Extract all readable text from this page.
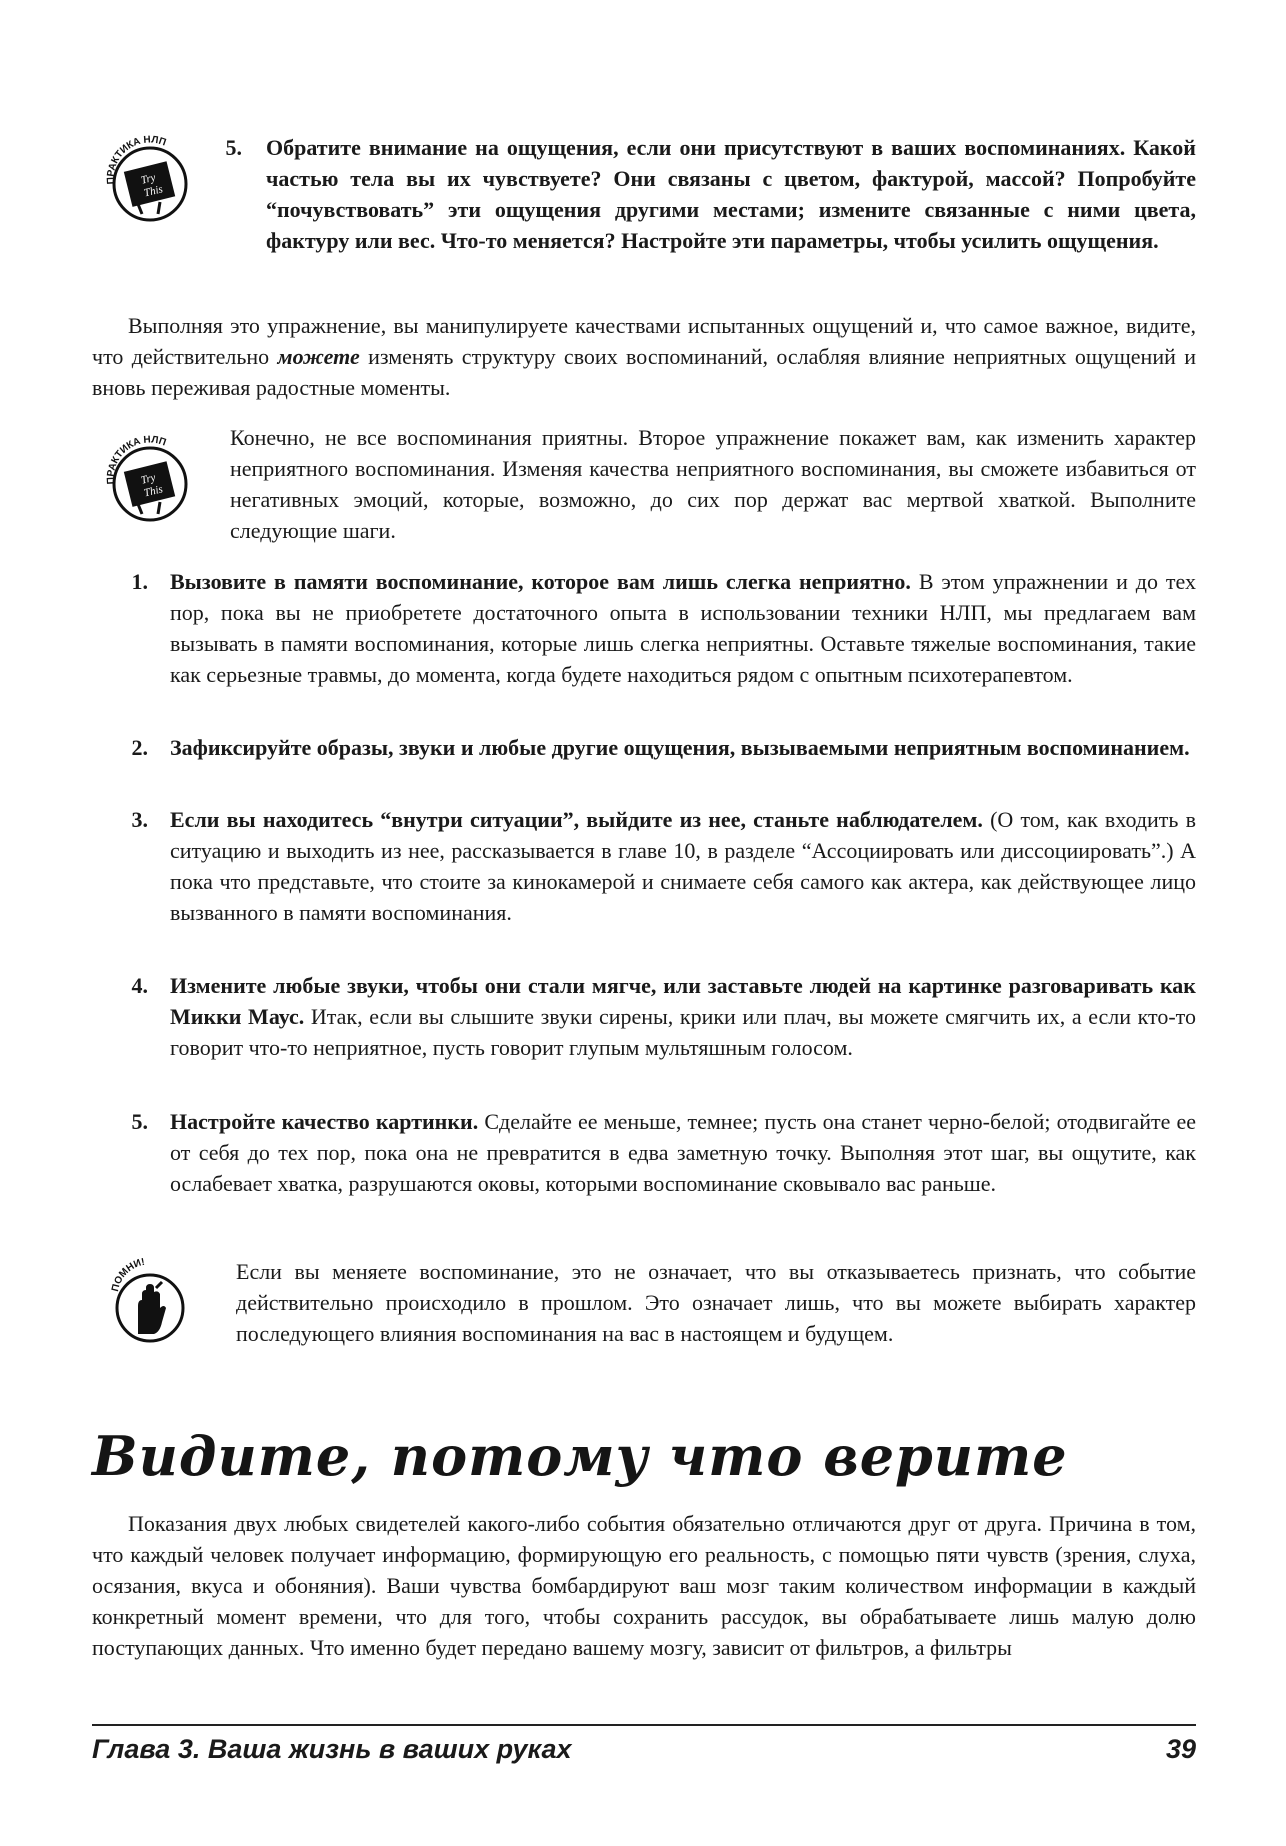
ПРАКТИКА НЛП
Try
This
5. Обратите внимание на ощущения, если они присутствуют в ваших воспоминаниях. Какой частью тела вы их чувствуете? Они связаны с цветом, фактурой, массой? Попробуйте “почувствовать” эти ощущения другими местами; измените связанные с ними цвета, фактуру или вес. Что-то меняется? Настройте эти параметры, чтобы усилить ощущения.
Выполняя это упражнение, вы манипулируете качествами испытанных ощущений и, что самое важное, видите, что действительно можете изменять структуру своих воспоминаний, ослабляя влияние неприятных ощущений и вновь переживая радостные моменты.
ПРАКТИКА НЛП
Try
This
Конечно, не все воспоминания приятны. Второе упражнение покажет вам, как изменить характер неприятного воспоминания. Изменяя качества неприятного воспоминания, вы сможете избавиться от негативных эмоций, которые, возможно, до сих пор держат вас мертвой хваткой. Выполните следующие шаги.
1. Вызовите в памяти воспоминание, которое вам лишь слегка неприятно. В этом упражнении и до тех пор, пока вы не приобретете достаточного опыта в использовании техники НЛП, мы предлагаем вам вызывать в памяти воспоминания, которые лишь слегка неприятны. Оставьте тяжелые воспоминания, такие как серьезные травмы, до момента, когда будете находиться рядом с опытным психотерапевтом.
2. Зафиксируйте образы, звуки и любые другие ощущения, вызываемыми неприятным воспоминанием.
3. Если вы находитесь “внутри ситуации”, выйдите из нее, станьте наблюдателем. (О том, как входить в ситуацию и выходить из нее, рассказывается в главе 10, в разделе “Ассоциировать или диссоциировать”.) А пока что представьте, что стоите за кинокамерой и снимаете себя самого как актера, как действующее лицо вызванного в памяти воспоминания.
4. Измените любые звуки, чтобы они стали мягче, или заставьте людей на картинке разговаривать как Микки Маус. Итак, если вы слышите звуки сирены, крики или плач, вы можете смягчить их, а если кто-то говорит что-то неприятное, пусть говорит глупым мультяшным голосом.
5. Настройте качество картинки. Сделайте ее меньше, темнее; пусть она станет черно-белой; отодвигайте ее от себя до тех пор, пока она не превратится в едва заметную точку. Выполняя этот шаг, вы ощутите, как ослабевает хватка, разрушаются оковы, которыми воспоминание сковывало вас раньше.
ПОМНИ!	Если вы меняете воспоминание, это не означает, что вы отказываетесь признать, что событие действительно происходило в прошлом. Это означает лишь, что вы можете выбирать характер последующего влияния воспоминания на вас в настоящем и будущем.
Видите, потому что верите
Показания двух любых свидетелей какого-либо события обязательно отличаются друг от друга. Причина в том, что каждый человек получает информацию, формирующую его реальность, с помощью пяти чувств (зрения, слуха, осязания, вкуса и обоняния). Ваши чувства бомбардируют ваш мозг таким количеством информации в каждый конкретный момент времени, что для того, чтобы сохранить рассудок, вы обрабатываете лишь малую долю поступающих данных. Что именно будет передано вашему мозгу, зависит от фильтров, а фильтры
Глава 3. Ваша жизнь в ваших руках	39
